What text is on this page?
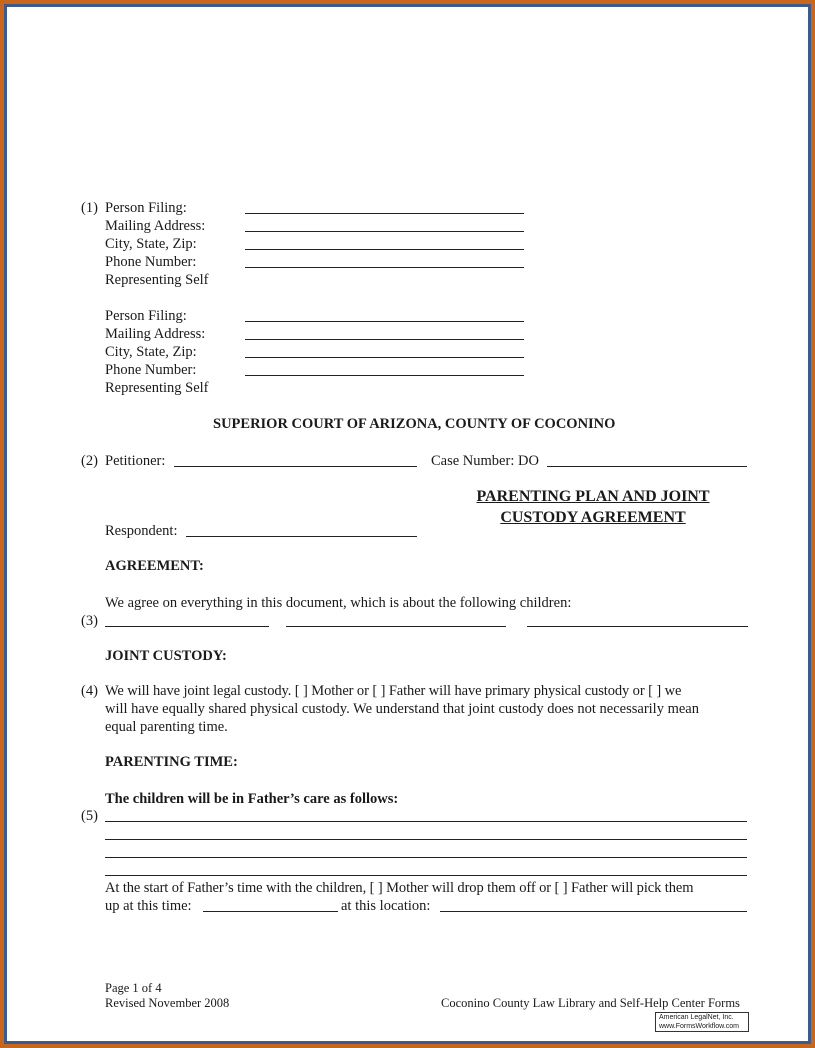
(1) Person Filing:
Mailing Address:
City, State, Zip:
Phone Number:
Representing Self
Person Filing:
Mailing Address:
City, State, Zip:
Phone Number:
Representing Self
SUPERIOR COURT OF ARIZONA, COUNTY OF COCONINO
(2) Petitioner:	Case Number: DO
PARENTING PLAN AND JOINT
CUSTODY AGREEMENT
Respondent:
AGREEMENT:
We agree on everything in this document, which is about the following children:
(3)
JOINT CUSTODY:
(4) We will have joint legal custody. [ ] Mother or [ ] Father will have primary physical custody or [ ] we
will have equally shared physical custody. We understand that joint custody does not necessarily mean
equal parenting time.
PARENTING TIME:
The children will be in Father’s care as follows:
(5)
At the start of Father’s time with the children, [ ] Mother will drop them off or [ ] Father will pick them
up at this time:	at this location:
Page 1 of 4
Revised November 2008	Coconino County Law Library and Self-Help Center Forms
American LegalNet, Inc.
www.FormsWorkflow.com
